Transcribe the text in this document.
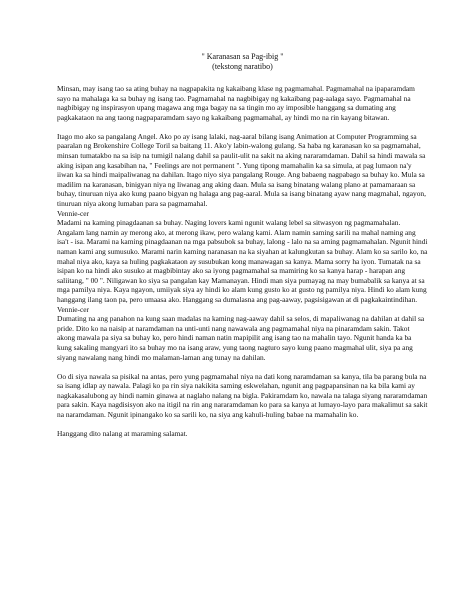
" Karanasan sa Pag-ibig "

(tekstong naratibo)

Minsan, may isang tao sa ating buhay na nagpapakita ng kakaibang klase ng pagmamahal. Pagmamahal na ipaparamdam sayo na mahalaga ka sa buhay ng isang tao. Pagmamahal na nagbibigay ng kakaibang pag-aalaga sayo. Pagmamahal na nagbibigay ng inspirasyon upang magawa ang mga bagay na sa tingin mo ay imposible hanggang sa dumating ang pagkakataon na ang taong nagpaparamdam sayo ng kakaibang pagmamahal, ay hindi mo na rin kayang bitawan.

Itago mo ako sa pangalang Angel. Ako po ay isang lalaki, nag-aaral bilang isang Animation at Computer Programming sa paaralan ng Brokenshire College Toril sa baitang 11. Ako'y labin-walong gulang. Sa haba ng karanasan ko sa pagmamahal, minsan tumatakbo na sa isip na tumigil nalang dahil sa paulit-ulit na sakit na aking nararamdaman. Dahil sa hindi mawala sa aking isipan ang kasabihan na, " Feelings are not permanent ". Yung tipong mamahalin ka sa simula, at pag lumaon na'y iiwan ka sa hindi maipaliwanag na dahilan. Itago niyo siya pangalang Rouge. Ang babaeng nagpabago sa buhay ko. Mula sa madilim na karanasan, binigyan niya ng liwanag ang aking daan. Mula sa isang binatang walang plano at pamamaraan sa buhay, tinuruan niya ako kung paano bigyan ng halaga ang pag-aaral. Mula sa isang binatang ayaw nang magmahal, ngayon, tinuruan niya akong lumaban para sa pagmamahal.
Vennie-cer
Madami na kaming pinagdaanan sa buhay. Naging lovers kami ngunit walang lebel sa sitwasyon ng pagmamahalan. Angalam lang namin ay merong ako, at merong ikaw, pero walang kami. Alam namin saming sarili na mahal naming ang isa't - isa. Marami na kaming pinagdaanan na mga pabsubok sa buhay, lalong - lalo na sa aming pagmamahalan. Ngunit hindi naman kami ang sumusuko. Marami narin kaming naranasan na ka siyahan at kalungkutan sa buhay. Alam ko sa sarilo ko, na mahal niya ako, kaya sa huling pagkakataon ay susubukan kong manawagan sa kanya. Mama sorry ha iyon. Tumatak na sa isipan ko na hindi ako susuko at magbibintay ako sa iyong pagmamahal sa mamiring ko sa kanya harap - harapan ang saliitang, " 00 ". Niligawan ko siya sa pangalan kay Mamanayan. Hindi man siya pumayag na may bumabalik sa kanya at sa mga pamilya niya. Kaya ngayon, umiiyak siya ay hindi ko alam kung gusto ko at gusto ng pamilya niya. Hindi ko alam kung hanggang ilang taon pa, pero umaasa ako. Hanggang sa dumalasna ang pag-aaway, pagsisigawan at di pagkakaintindihan.
Vennie-cer
Dumating na ang panahon na kung saan madalas na kaming nag-aaway dahil sa selos, di mapaliwanag na dahilan at dahil sa pride. Dito ko na naisip at naramdaman na unti-unti nang nawawala ang pagmamahal niya na pinaramdam sakin. Takot akong mawala pa siya sa buhay ko, pero hindi naman natin mapipilit ang isang tao na mahalin tayo. Ngunit handa ka ba kung sakaling mangyari ito sa buhay mo na isang araw, yung taong nagturo sayo kung paano magmahal ulit, siya pa ang siyang nawalang nang hindi mo malaman-laman ang tunay na dahilan.

Oo di siya nawala sa pisikal na antas, pero yung pagmamahal niya na dati kong naramdaman sa kanya, tila ba parang bula na sa isang idlap ay nawala. Palagi ko pa rin siya nakikita saming eskwelahan, ngunit ang pagpapansinan na ka bila kami ay nagkakasalubong ay hindi namin ginawa at naglaho nalang na bigla. Pakiramdam ko, nawala na talaga siyang nararamdaman para sakin. Kaya nagdisisyon ako na itigil na rin ang nararamdaman ko para sa kanya at lumayo-layo para makalimut sa sakit na naramdaman. Ngunit ipinangako ko sa sarili ko, na siya ang kahuli-huling babae na mamahalin ko.

Hanggang dito nalang at maraming salamat.
